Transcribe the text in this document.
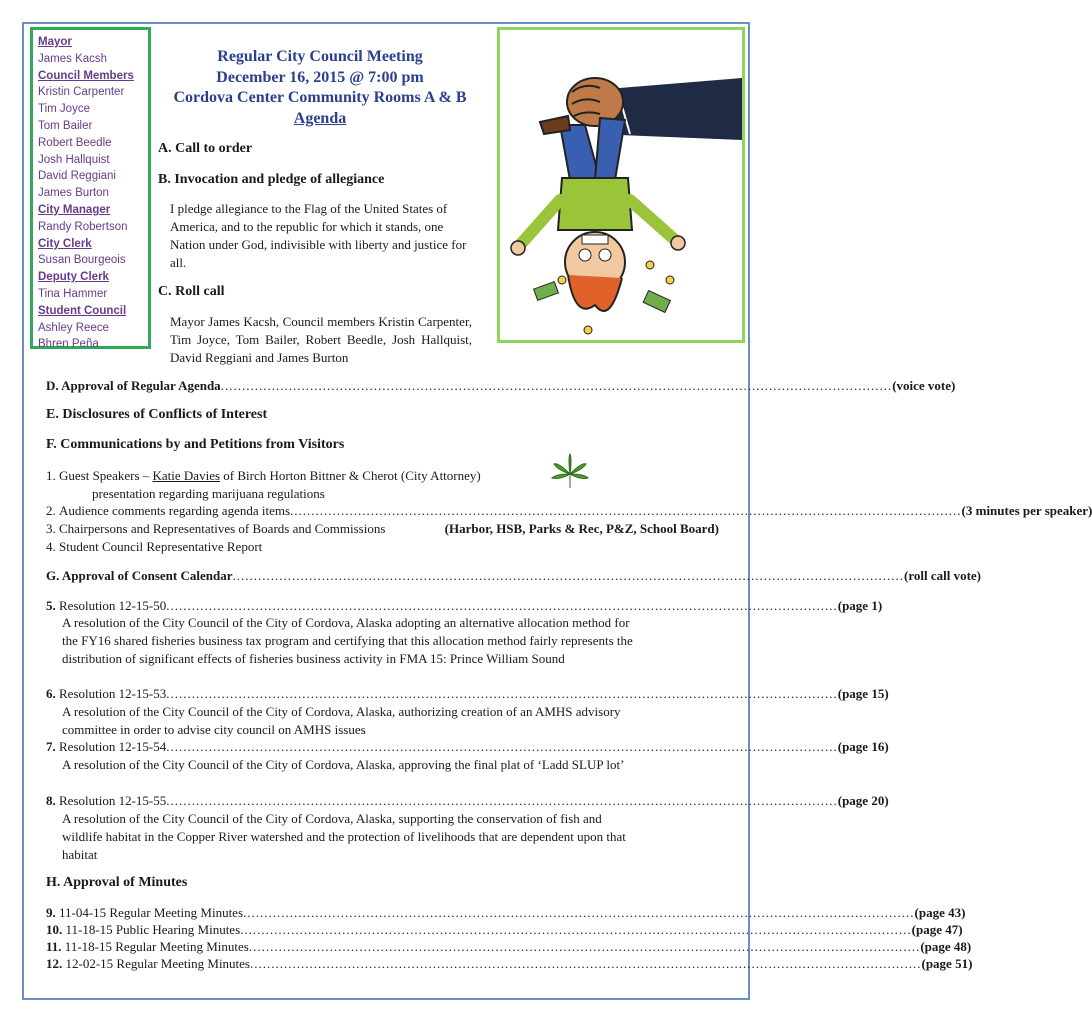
Mayor
James Kacsh
Council Members
Kristin Carpenter
Tim Joyce
Tom Bailer
Robert Beedle
Josh Hallquist
David Reggiani
James Burton
City Manager
Randy Robertson
City Clerk
Susan Bourgeois
Deputy Clerk
Tina Hammer
Student Council
Ashley Reece
Bhren Peña
Regular City Council Meeting
December 16, 2015 @ 7:00 pm
Cordova Center Community Rooms A & B
Agenda
A. Call to order
B. Invocation and pledge of allegiance
I pledge allegiance to the Flag of the United States of America, and to the republic for which it stands, one Nation under God, indivisible with liberty and justice for all.
C. Roll call
Mayor James Kacsh, Council members Kristin Carpenter, Tim Joyce, Tom Bailer, Robert Beedle, Josh Hallquist, David Reggiani and James Burton
D. Approval of Regular Agenda .............................................................................................................................................................. (voice vote)
E. Disclosures of Conflicts of Interest
F. Communications by and Petitions from Visitors
1. Guest Speakers – Katie Davies of Birch Horton Bittner & Cherot (City Attorney)
presentation regarding marijuana regulations
2.
Audience comments regarding agenda items .............................................................................................................................................................. (3 minutes per speaker)
3. Chairpersons and Representatives of Boards and Commissions	(Harbor, HSB, Parks & Rec, P&Z, School Board)
4. Student Council Representative Report
G. Approval of Consent Calendar .............................................................................................................................................................. (roll call vote)
5.
Resolution 12-15-50 .............................................................................................................................................................. (page 1)
A resolution of the City Council of the City of Cordova, Alaska adopting an alternative allocation method for the FY16 shared fisheries business tax program and certifying that this allocation method fairly represents the distribution of significant effects of fisheries business activity in FMA 15: Prince William Sound
6.
Resolution 12-15-53 .............................................................................................................................................................. (page 15)
A resolution of the City Council of the City of Cordova, Alaska, authorizing creation of an AMHS advisory committee in order to advise city council on AMHS issues
7.
Resolution 12-15-54 .............................................................................................................................................................. (page 16)
A resolution of the City Council of the City of Cordova, Alaska, approving the final plat of ‘Ladd SLUP lot’
8.
Resolution 12-15-55 .............................................................................................................................................................. (page 20)
A resolution of the City Council of the City of Cordova, Alaska, supporting the conservation of fish and wildlife habitat in the Copper River watershed and the protection of livelihoods that are dependent upon that habitat
H. Approval of Minutes
9.
11-04-15 Regular Meeting Minutes .............................................................................................................................................................. (page 43)
10.
11-18-15 Public Hearing Minutes .............................................................................................................................................................. (page 47)
11.
11-18-15 Regular Meeting Minutes .............................................................................................................................................................. (page 48)
12.
12-02-15 Regular Meeting Minutes .............................................................................................................................................................. (page 51)
